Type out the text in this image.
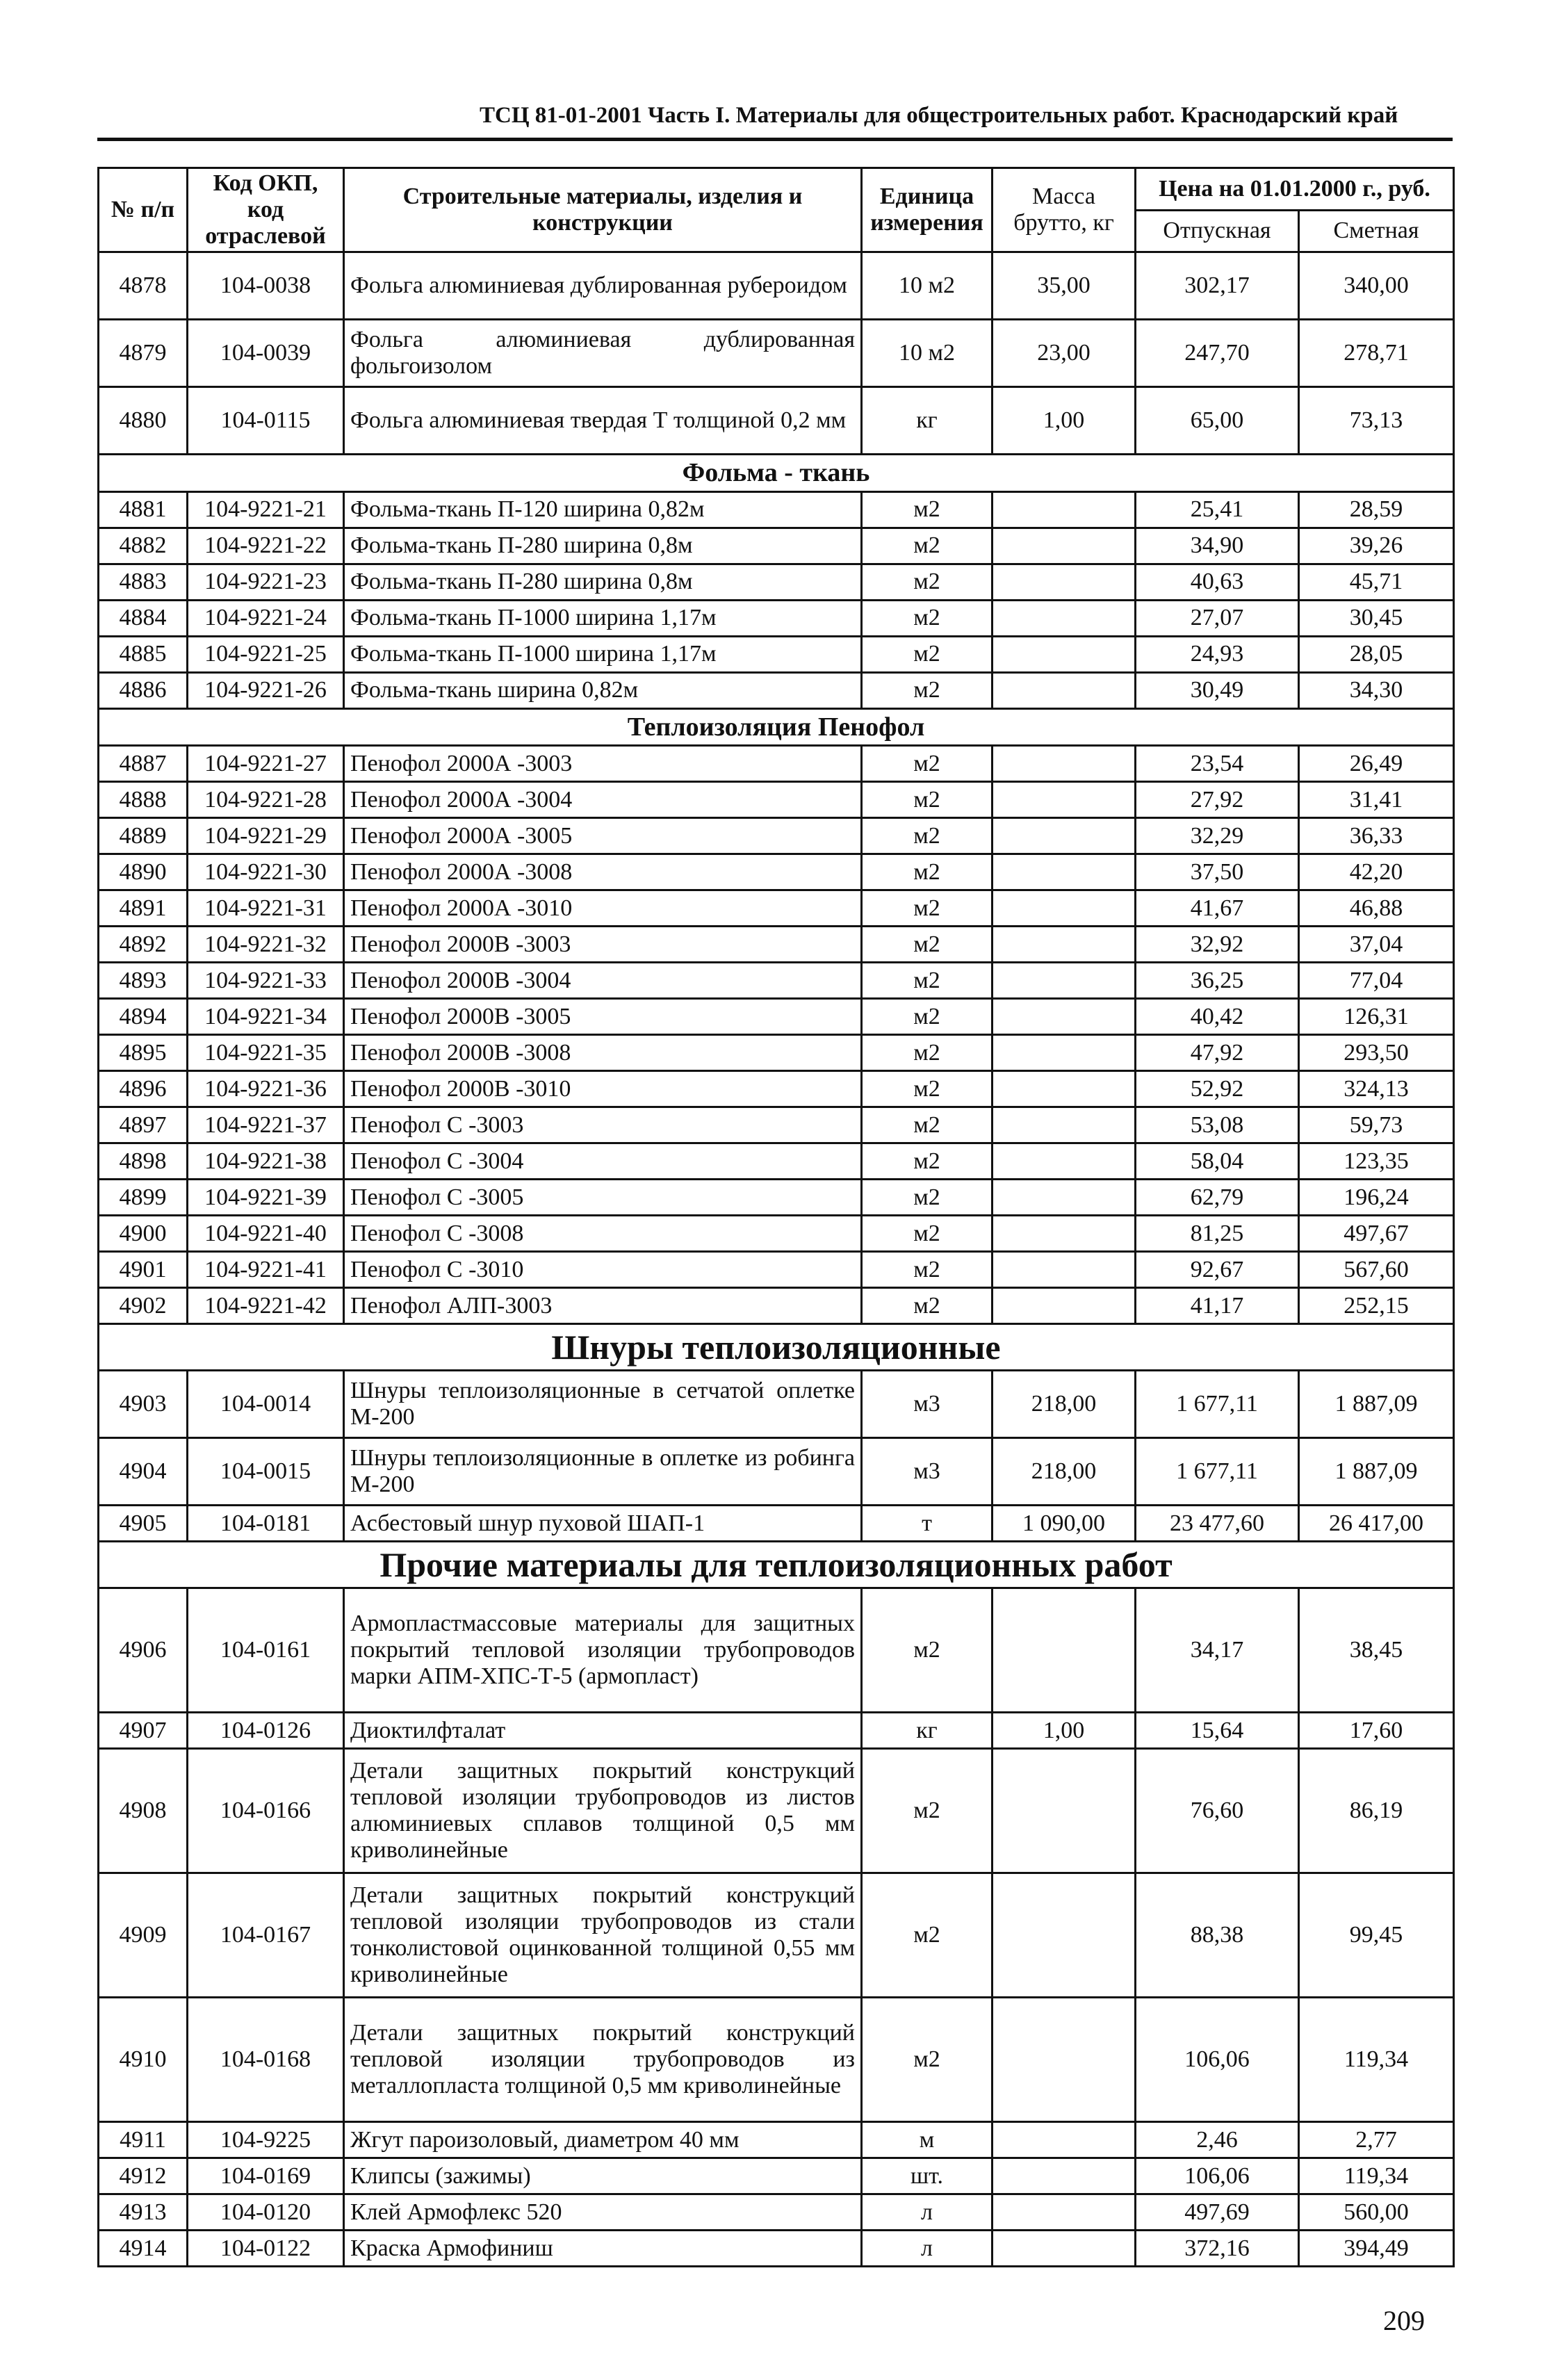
ТСЦ 81-01-2001 Часть I. Материалы для общестроительных работ. Краснодарский край
№ п/п	Код ОКП, код отраслевой	Строительные материалы, изделия и конструкции	Единица измерения	Масса брутто, кг	Цена на 01.01.2000 г., руб.	
					Отпускная	Сметная
4878	104-0038	Фольга алюминиевая дублированная рубероидом	10 м2	35,00	302,17	340,00
4879	104-0039	Фольга алюминиевая дублированная фольгоизолом	10 м2	23,00	247,70	278,71
4880	104-0115	Фольга алюминиевая твердая Т толщиной 0,2 мм	кг	1,00	65,00	73,13
Фольма - ткань						
4881	104-9221-21	Фольма-ткань П-120 ширина 0,82м	м2		25,41	28,59
4882	104-9221-22	Фольма-ткань П-280 ширина 0,8м	м2		34,90	39,26
4883	104-9221-23	Фольма-ткань П-280 ширина 0,8м	м2		40,63	45,71
4884	104-9221-24	Фольма-ткань П-1000 ширина 1,17м	м2		27,07	30,45
4885	104-9221-25	Фольма-ткань П-1000 ширина 1,17м	м2		24,93	28,05
4886	104-9221-26	Фольма-ткань ширина 0,82м	м2		30,49	34,30
Теплоизоляция Пенофол						
4887	104-9221-27	Пенофол 2000А -3003	м2		23,54	26,49
4888	104-9221-28	Пенофол 2000А -3004	м2		27,92	31,41
4889	104-9221-29	Пенофол 2000А -3005	м2		32,29	36,33
4890	104-9221-30	Пенофол 2000А -3008	м2		37,50	42,20
4891	104-9221-31	Пенофол 2000А -3010	м2		41,67	46,88
4892	104-9221-32	Пенофол 2000В -3003	м2		32,92	37,04
4893	104-9221-33	Пенофол 2000В -3004	м2		36,25	77,04
4894	104-9221-34	Пенофол 2000В -3005	м2		40,42	126,31
4895	104-9221-35	Пенофол 2000В -3008	м2		47,92	293,50
4896	104-9221-36	Пенофол 2000В -3010	м2		52,92	324,13
4897	104-9221-37	Пенофол С -3003	м2		53,08	59,73
4898	104-9221-38	Пенофол С -3004	м2		58,04	123,35
4899	104-9221-39	Пенофол С -3005	м2		62,79	196,24
4900	104-9221-40	Пенофол С -3008	м2		81,25	497,67
4901	104-9221-41	Пенофол С -3010	м2		92,67	567,60
4902	104-9221-42	Пенофол АЛП-3003	м2		41,17	252,15
Шнуры теплоизоляционные						
4903	104-0014	Шнуры теплоизоляционные в сетчатой оплетке М-200	м3	218,00	1 677,11	1 887,09
4904	104-0015	Шнуры теплоизоляционные в оплетке из робинга М-200	м3	218,00	1 677,11	1 887,09
4905	104-0181	Асбестовый шнур пуховой ШАП-1	т	1 090,00	23 477,60	26 417,00
Прочие материалы для теплоизоляционных работ						
4906	104-0161	Армопластмассовые материалы для защитных покрытий тепловой изоляции трубопроводов марки АПМ-ХПС-Т-5 (армопласт)	м2		34,17	38,45
4907	104-0126	Диоктилфталат	кг	1,00	15,64	17,60
4908	104-0166	Детали защитных покрытий конструкций тепловой изоляции трубопроводов из листов алюминиевых сплавов толщиной 0,5 мм криволинейные	м2		76,60	86,19
4909	104-0167	Детали защитных покрытий конструкций тепловой изоляции трубопроводов из стали тонколистовой оцинкованной толщиной 0,55 мм криволинейные	м2		88,38	99,45
4910	104-0168	Детали защитных покрытий конструкций тепловой изоляции трубопроводов из металлопласта толщиной 0,5 мм криволинейные	м2		106,06	119,34
4911	104-9225	Жгут пароизоловый, диаметром 40 мм	м		2,46	2,77
4912	104-0169	Клипсы (зажимы)	шт.		106,06	119,34
4913	104-0120	Клей Армофлекс 520	л		497,69	560,00
4914	104-0122	Краска Армофиниш	л		372,16	394,49
209
